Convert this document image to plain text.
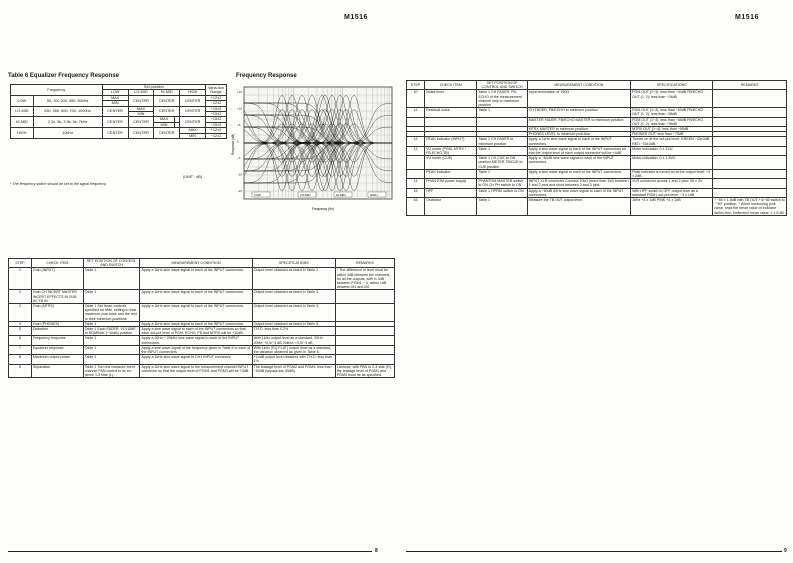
M1516	M1516
Table 6 Equalizer Frequency Response
Frequency		Set position					Varia-tion Range
		LOW	LO-MID	HI-MID		HIGH	
LOW	50, 100 200, 350, 500Hz	MAX	CENTER	CENTER		CENTER	+12±2
		MIN					−12±2
LO-MID	250, 350, 500, 700, 1000Hz	CENTER	MAX	CENTER		CENTER	+15±2
			MIN				−15±2
HI-MID	2.2k, 3k, 3.9k, 5k, 7kHz	CENTER	CENTER	MAX		CENTER	+15±2
				MIN			−15±2
HIGH	10kHz	CENTER	CENTER	CENTER		MAX	+12±2
						MIN	−12±2
(UNIT : dB)
* The frequency switch should be set to the signal frequency.
Frequency Response
+15
+10
+5
0
−5
−10
−15
Response (dB)
Frequency (Hz)
LOW	LO-MID	HI-MID	HIGH
STEP	CHECK ITEM	SET POSITION OF CONTROL AND SWITCH	MEASUREMENT CONDITION	SPECIFICATIONS	REMARKS
1	Gain (INPUT)	Table 1	Apply a 1kHz sine wave signal to each of the INPUT connectors.	Output level obtained as listed in Table 2.	* The difference in level must be within 3dB between the channels for all the outputs, with in 3dB between PGM1 ~ 4, within 1dB between M1 and M2.
2	Gain CH INCERT MASTER INCERT EFFECTS IN SUB IN, TB IN	Table 1	Apply a 1kHz sine wave signal to each of the INPUT connectors.	Output level obtained as listed in Table 3.	
3	Gain (MTRX)	Table 1 Set those controls specified for Max. setting to their maximum posi-tions and the rest to their minimum positions.	Apply a 1kHz sine wave signal to each of the INPUT connectors.	Output level obtained as listed in Table 4.	
4	Gain (PHONES)	Table 1	Apply a 1kHz sine wave signal to each of the INPUT connectors.	Output level obtained as listed in Table 5.	
5	Distortion	Table 1 Each FADER, VOLUME to NOMINAL (−10dB) position	Apply a sine wave signal to each of the INPUT connectors so that each out-put level of PGM, ECHO, FB and MTRX will be +10dB.	T.H.D. less than 0.2%	
6	Frequency response	Table 1	Apply a 20Hz ~ 20kHz sine wave signal to each of the INPUT connectors.	With 1kHz output level as a standard, 20Hz: 20Hz~+0.5/−3 dB 20kHz: +0.5/−3 dB	
7	Equalizer response	Table 1	Apply a sine wave signal of the frequency given in Table 6 to each of the INPUT connectors.	With 1kHz (EQ FLAT) output level as a standard, the variation obtained as given in Table 6.	
8	Maximum output power	Table 1	Apply a 1kHz sine wave signal to CH1 INPUT connector.	+24dB output level obtained with T.H.D. less than 1%	
9	Separation	Table 1 Turn the measure-ment channel PAN control to its ex-treme 1-3 side (L).	Apply a 1kHz sine wave signal to the measurement channel INPUT connector so that the output level of PGM1 and PGM3 will be +3dB.	The leakage level of PGM2 and PGM4: less than −52dB (separa-tion 55dB)	Likewise, with PAN to 2-4 side (R), the leakage level of PGM1 and PGM3 must be as specified.
STEP	CHECK ITEM	SET POSITION OF CONTROL AND SWITCH	MEASUREMENT CONDITION	SPECIFICATIONS	REMARKS
10	Noise level	Table 1 CH FADER, FB, ECHO of the measurement channel only to maximum position	Input termination of 150Ω	PGM OUT (1~4): less than −44dB FB/ECHO OUT (1, 2): less than −34dB	
11	Residual noise	Table 1	CH FADER, FB/ECHO to minimum position	PGM OUT (1~4): less than −63dB FB/ECHO OUT (1, 2): less than −58dB	
			MASTER FADER, FB/ECHO MASTER to minimum position	PGM OUT (1~4): less than −85dB FB/ECHO OUT (1, 2): less than −95dB	
			MTRX MASTER to minimum position.	MTRX OUT (1~4): less than −95dB	
			PHONES LEVEL to minimum posi-tion	PHONES OUT: less than −75dB	
12	PEAK indicator (INPUT)	Table 1 CH FADER to minimum position	Apply a 1kHz sine wave signal to each of the INPUT connectors.	Turned on at the out-put level: GREEN −43±3dB RED −33±3dB	
13	VU meter (PGM, MTRX \ FB,ECHO,TB)	Table 1	Apply a sine wave signal to each of the INPUT connectors so that the output level of each output connector will be +4dB.	Meter indication: 0 ± 1VU	
	VU meter (CUE)	Table 1 CH CUE to ON position METER TB/CUE to CUE position	Apply a −60dB sine wave signal to each of the INPUT connectors.	Meter indication: 0 ± 1.5VU	
	PEAK indicator	Table 1	Apply a sine wave signal to each of the INPUT connectors.	Peak indicator is turned on at the output level: +4 ± 2dB	
14	PHANTOM power supply	PHANTOM MASTER switch to ON CH PH switch to ON	INPUT XLR connector Connect 10kΩ (more than 1W) between 1 and 2 pins and short between 2 and 3 pins.	XLR connector across 1 and 2 pins: 35 ± 3V	
15	HPF	Table 1 HPF80 switch to ON	Apply a −60dB 80Hz sine wave signal to each of the INPUT connectors.	With HPF switch to OFF output level as a standard PGM1 out-put level: −3 ± 1dB	
16	Oscillator	Table 1	Measure the TB OUT output level.	1kHz +4 ± 1dB PINK +4 ± 1dB	* −50 ± 1.5dB with TB OUT +4/−50 switch to "−50" position. * When measuring pink noise, read the mean value of indicator deflec-tion. Deflection mean value: ± 1.5 dB
8	9
